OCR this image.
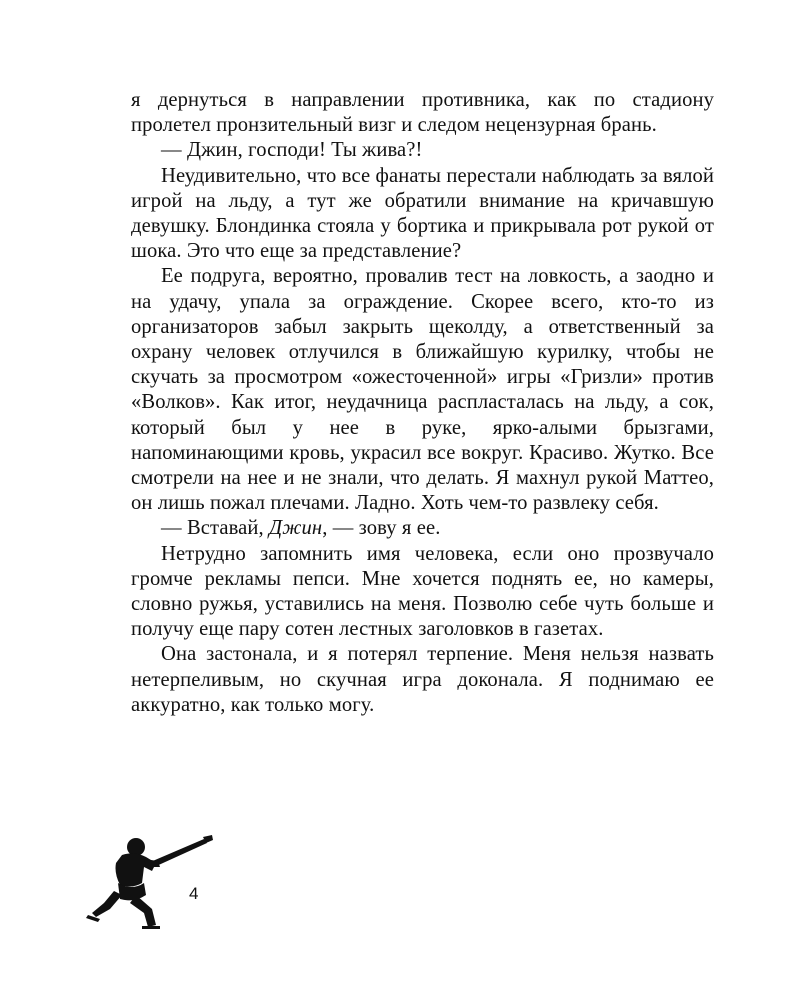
я дернуться в направлении противника, как по стадиону пролетел пронзительный визг и следом нецензурная брань.

— Джин, господи! Ты жива?!

Неудивительно, что все фанаты перестали наблюдать за вялой игрой на льду, а тут же обратили внимание на кричавшую девушку. Блондинка стояла у бортика и прикрывала рот рукой от шока. Это что еще за представление?

Ее подруга, вероятно, провалив тест на ловкость, а заодно и на удачу, упала за ограждение. Скорее всего, кто-то из организаторов забыл закрыть щеколду, а ответственный за охрану человек отлучился в ближайшую курилку, чтобы не скучать за просмотром «ожесточенной» игры «Гризли» против «Волков». Как итог, неудачница распласталась на льду, а сок, который был у нее в руке, ярко-алыми брызгами, напоминающими кровь, украсил все вокруг. Красиво. Жутко. Все смотрели на нее и не знали, что делать. Я махнул рукой Маттео, он лишь пожал плечами. Ладно. Хоть чем-то развлеку себя.

— Вставай, Джин, — зову я ее.

Нетрудно запомнить имя человека, если оно прозвучало громче рекламы пепси. Мне хочется поднять ее, но камеры, словно ружья, уставились на меня. Позволю себе чуть больше и получу еще пару сотен лестных заголовков в газетах.

Она застонала, и я потерял терпение. Меня нельзя назвать нетерпеливым, но скучная игра доконала. Я поднимаю ее аккуратно, как только могу.

4
